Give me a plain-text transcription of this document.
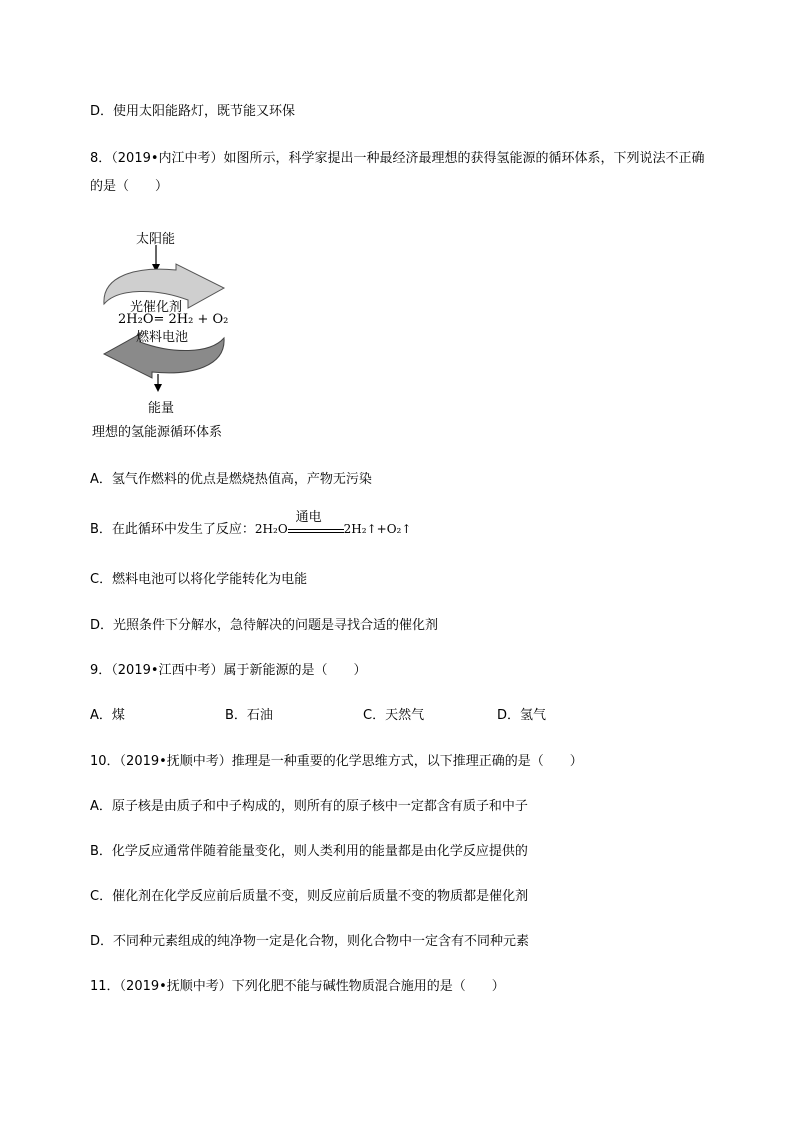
D．使用太阳能路灯，既节能又环保
8．（2019•内江中考）如图所示，科学家提出一种最经济最理想的获得氢能源的循环体系，下列说法不正确
的是（　　）
太阳能
光催化剂
2H₂O= 2H₂ + O₂
燃料电池
能量
理想的氢能源循环体系
A．氢气作燃料的优点是燃烧热值高，产物无污染
B．在此循环中发生了反应：2H₂O
通电
2H₂↑+O₂↑
C．燃料电池可以将化学能转化为电能
D．光照条件下分解水，急待解决的问题是寻找合适的催化剂
9．（2019•江西中考）属于新能源的是（　　）
A．煤	B．石油	C．天然气	D．氢气
10．（2019•抚顺中考）推理是一种重要的化学思维方式，以下推理正确的是（　　）
A．原子核是由质子和中子构成的，则所有的原子核中一定都含有质子和中子
B．化学反应通常伴随着能量变化，则人类利用的能量都是由化学反应提供的
C．催化剂在化学反应前后质量不变，则反应前后质量不变的物质都是催化剂
D．不同种元素组成的纯净物一定是化合物，则化合物中一定含有不同种元素
11．（2019•抚顺中考）下列化肥不能与碱性物质混合施用的是（　　）
